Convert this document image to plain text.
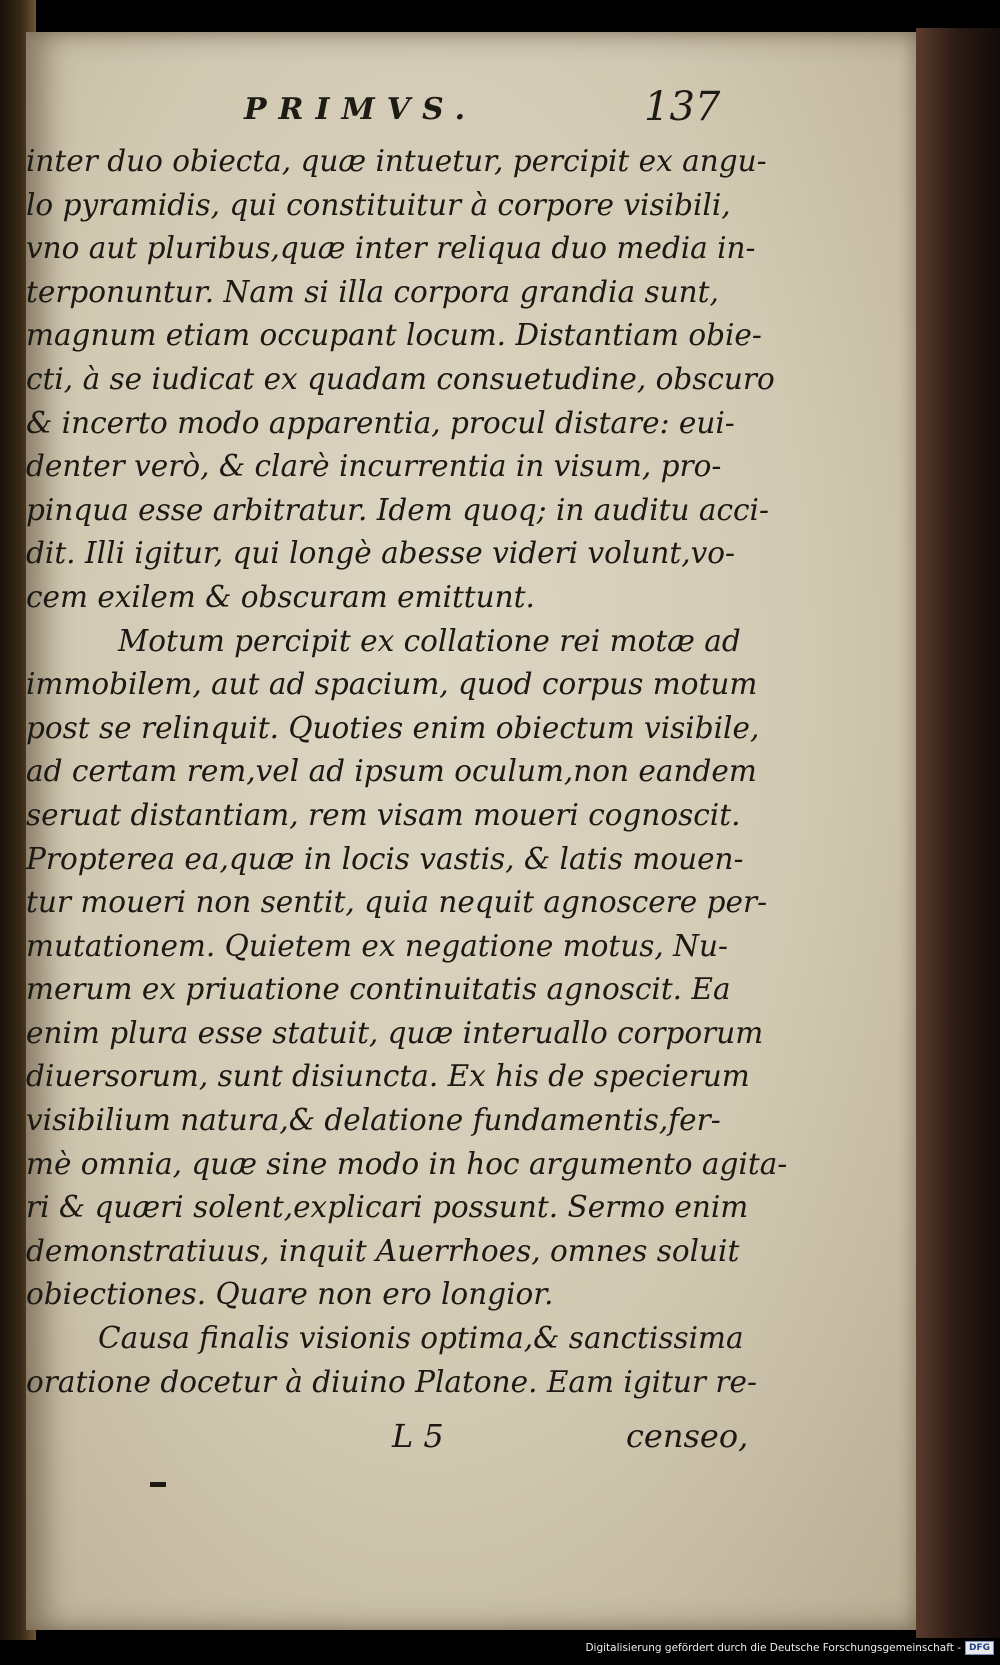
PRIMVS.	137
inter duo obiecta, quæ intuetur, percipit ex angu-
lo pyramidis, qui constituitur à corpore visibili,
vno aut pluribus,quæ inter reliqua duo media in-
terponuntur. Nam si illa corpora grandia sunt,
magnum etiam occupant locum. Distantiam obie-
cti, à se iudicat ex quadam consuetudine, obscuro
& incerto modo apparentia, procul distare: eui-
denter verò, & clarè incurrentia in visum, pro-
pinqua esse arbitratur. Idem quoq; in auditu acci-
dit. Illi igitur, qui longè abesse videri volunt,vo-
cem exilem & obscuram emittunt.
Motum percipit ex collatione rei motæ ad
immobilem, aut ad spacium, quod corpus motum
post se relinquit. Quoties enim obiectum visibile,
ad certam rem,vel ad ipsum oculum,non eandem
seruat distantiam, rem visam moueri cognoscit.
Propterea ea,quæ in locis vastis, & latis mouen-
tur moueri non sentit, quia nequit agnoscere per-
mutationem. Quietem ex negatione motus, Nu-
merum ex priuatione continuitatis agnoscit. Ea
enim plura esse statuit, quæ interuallo corporum
diuersorum, sunt disiuncta. Ex his de specierum
visibilium natura,& delatione fundamentis,fer-
mè omnia, quæ sine modo in hoc argumento agita-
ri & quæri solent,explicari possunt. Sermo enim
demonstratiuus, inquit Auerrhoes, omnes soluit
obiectiones. Quare non ero longior.
Causa finalis visionis optima,& sanctissima
oratione docetur à diuino Platone. Eam igitur re-
L 5	censeo,
Digitalisierung gefördert durch die Deutsche Forschungsgemeinschaft - DFG
